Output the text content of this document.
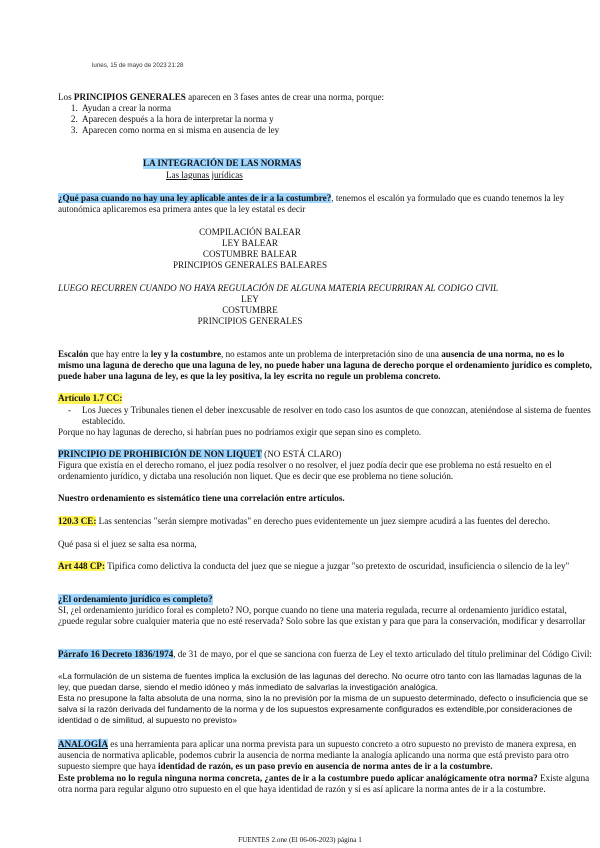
lunes, 15 de mayo de 2023 21:28

Los PRINCIPIOS GENERALES aparecen en 3 fases antes de crear una norma, porque:

1. Ayudan a crear la norma
2. Aparecen después a la hora de interpretar la norma y
3. Aparecen como norma en si misma en ausencia de ley
LA INTEGRACIÓN DE LAS NORMAS
Las lagunas jurídicas

¿Qué pasa cuando no hay una ley aplicable antes de ir a la costumbre?, tenemos el escalón ya formulado que es cuando tenemos la ley autonómica aplicaremos esa primera antes que la ley estatal es decir

COMPILACIÓN BALEAR
LEY BALEAR
COSTUMBRE BALEAR
PRINCIPIOS GENERALES BALEARES
LUEGO RECURREN CUANDO NO HAYA REGULACIÓN DE ALGUNA MATERIA RECURRIRAN AL CODIGO CIVIL
LEY
COSTUMBRE
PRINCIPIOS GENERALES

Escalón que hay entre la ley y la costumbre, no estamos ante un problema de interpretación sino de una ausencia de una norma, no es lo mismo una laguna de derecho que una laguna de ley, no puede haber una laguna de derecho porque el ordenamiento jurídico es completo, puede haber una laguna de ley, es que la ley positiva, la ley escrita no regule un problema concreto.

Artículo 1.7 CC:
-	Los Jueces y Tribunales tienen el deber inexcusable de resolver en todo caso los asuntos de que conozcan, ateniéndose al sistema de fuentes establecido.

Porque no hay lagunas de derecho, si habrían pues no podríamos exigir que sepan sino es completo.

PRINCIPIO DE PROHIBICIÓN DE NON LIQUET (NO ESTÁ CLARO)

Figura que existía en el derecho romano, el juez podía resolver o no resolver, el juez podía decir que ese problema no está resuelto en el ordenamiento jurídico, y dictaba una resolución non liquet. Que es decir que ese problema no tiene solución.

Nuestro ordenamiento es sistemático tiene una correlación entre artículos.

120.3 CE: Las sentencias "serán siempre motivadas" en derecho pues evidentemente un juez siempre acudirá a las fuentes del derecho.

Qué pasa si el juez se salta esa norma,

Art 448 CP: Tipifica como delictiva la conducta del juez que se niegue a juzgar "so pretexto de oscuridad, insuficiencia o silencio de la ley"

¿El ordenamiento jurídico es completo?

SI, ¿el ordenamiento jurídico foral es completo? NO, porque cuando no tiene una materia regulada, recurre al ordenamiento jurídico estatal, ¿puede regular sobre cualquier materia que no esté reservada? Solo sobre las que existan y para que para la conservación, modificar y desarrollar

Párrafo 16 Decreto 1836/1974, de 31 de mayo, por el que se sanciona con fuerza de Ley el texto articulado del título preliminar del Código Civil:

«La formulación de un sistema de fuentes implica la exclusión de las lagunas del derecho. No ocurre otro tanto con las llamadas lagunas de la ley, que puedan darse, siendo el medio idóneo y más inmediato de salvarlas la investigación analógica.

Esta no presupone la falta absoluta de una norma, sino la no previsión por la misma de un supuesto determinado, defecto o insuficiencia que se salva si la razón derivada del fundamento de la norma y de los supuestos expresamente configurados es extendible,por consideraciones de identidad o de similitud, al supuesto no previsto»

ANALOGÍA es una herramienta para aplicar una norma prevista para un supuesto concreto a otro supuesto no previsto de manera expresa, en ausencia de normativa aplicable, podemos cubrir la ausencia de norma mediante la analogía aplicando una norma que está previsto para otro supuesto siempre que haya identidad de razón, es un paso previo en ausencia de norma antes de ir a la costumbre.
Este problema no lo regula ninguna norma concreta, ¿antes de ir a la costumbre puedo aplicar analógicamente otra norma? Existe alguna otra norma para regular alguno otro supuesto en el que haya identidad de razón y si es así aplicare la norma antes de ir a la costumbre.

FUENTES 2.one (El 06-06-2023) página 1
